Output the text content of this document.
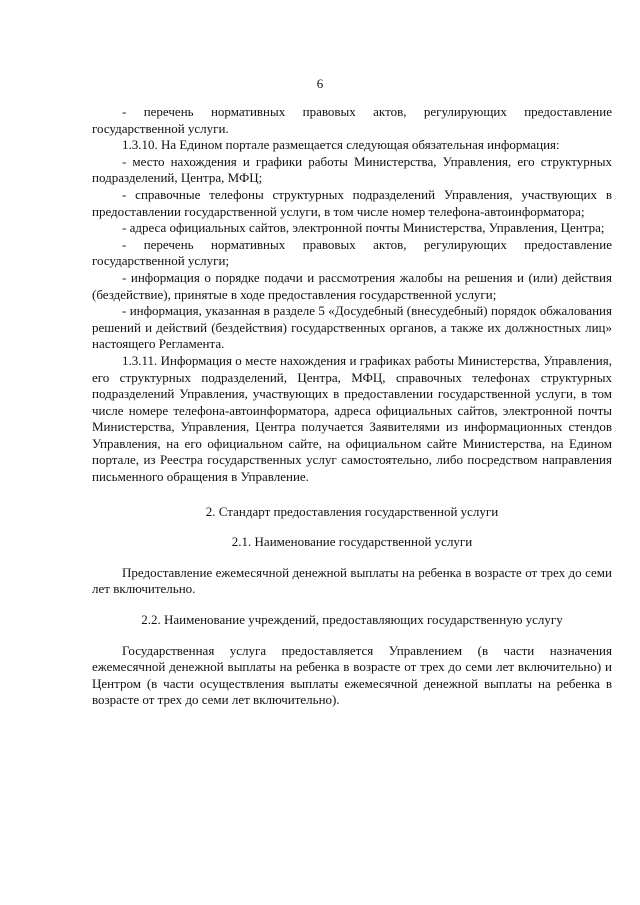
6

- перечень нормативных правовых актов, регулирующих предоставление государственной услуги.

1.3.10. На Едином портале размещается следующая обязательная информация:

- место нахождения и графики работы Министерства, Управления, его структурных подразделений, Центра, МФЦ;

- справочные телефоны структурных подразделений Управления, участвующих в предоставлении государственной услуги, в том числе номер телефона-автоинформатора;

- адреса официальных сайтов, электронной почты Министерства, Управления, Центра;

- перечень нормативных правовых актов, регулирующих предоставление государственной услуги;

- информация о порядке подачи и рассмотрения жалобы на решения и (или) действия (бездействие), принятые в ходе предоставления государственной услуги;

- информация, указанная в разделе 5 «Досудебный (внесудебный) порядок обжалования решений и действий (бездействия) государственных органов, а также их должностных лиц» настоящего Регламента.

1.3.11. Информация о месте нахождения и графиках работы Министерства, Управления, его структурных подразделений, Центра, МФЦ, справочных телефонах структурных подразделений Управления, участвующих в предоставлении государственной услуги, в том числе номере телефона-автоинформатора, адреса официальных сайтов, электронной почты Министерства, Управления, Центра получается Заявителями из информационных стендов Управления, на его официальном сайте, на официальном сайте Министерства, на Едином портале, из Реестра государственных услуг самостоятельно, либо посредством направления письменного обращения в Управление.

2. Стандарт предоставления государственной услуги

2.1. Наименование государственной услуги

Предоставление ежемесячной денежной выплаты на ребенка в возрасте от трех до семи лет включительно.

2.2. Наименование учреждений, предоставляющих государственную услугу

Государственная услуга предоставляется Управлением (в части назначения ежемесячной денежной выплаты на ребенка в возрасте от трех до семи лет включительно) и Центром (в части осуществления выплаты ежемесячной денежной выплаты на ребенка в возрасте от трех до семи лет включительно).
